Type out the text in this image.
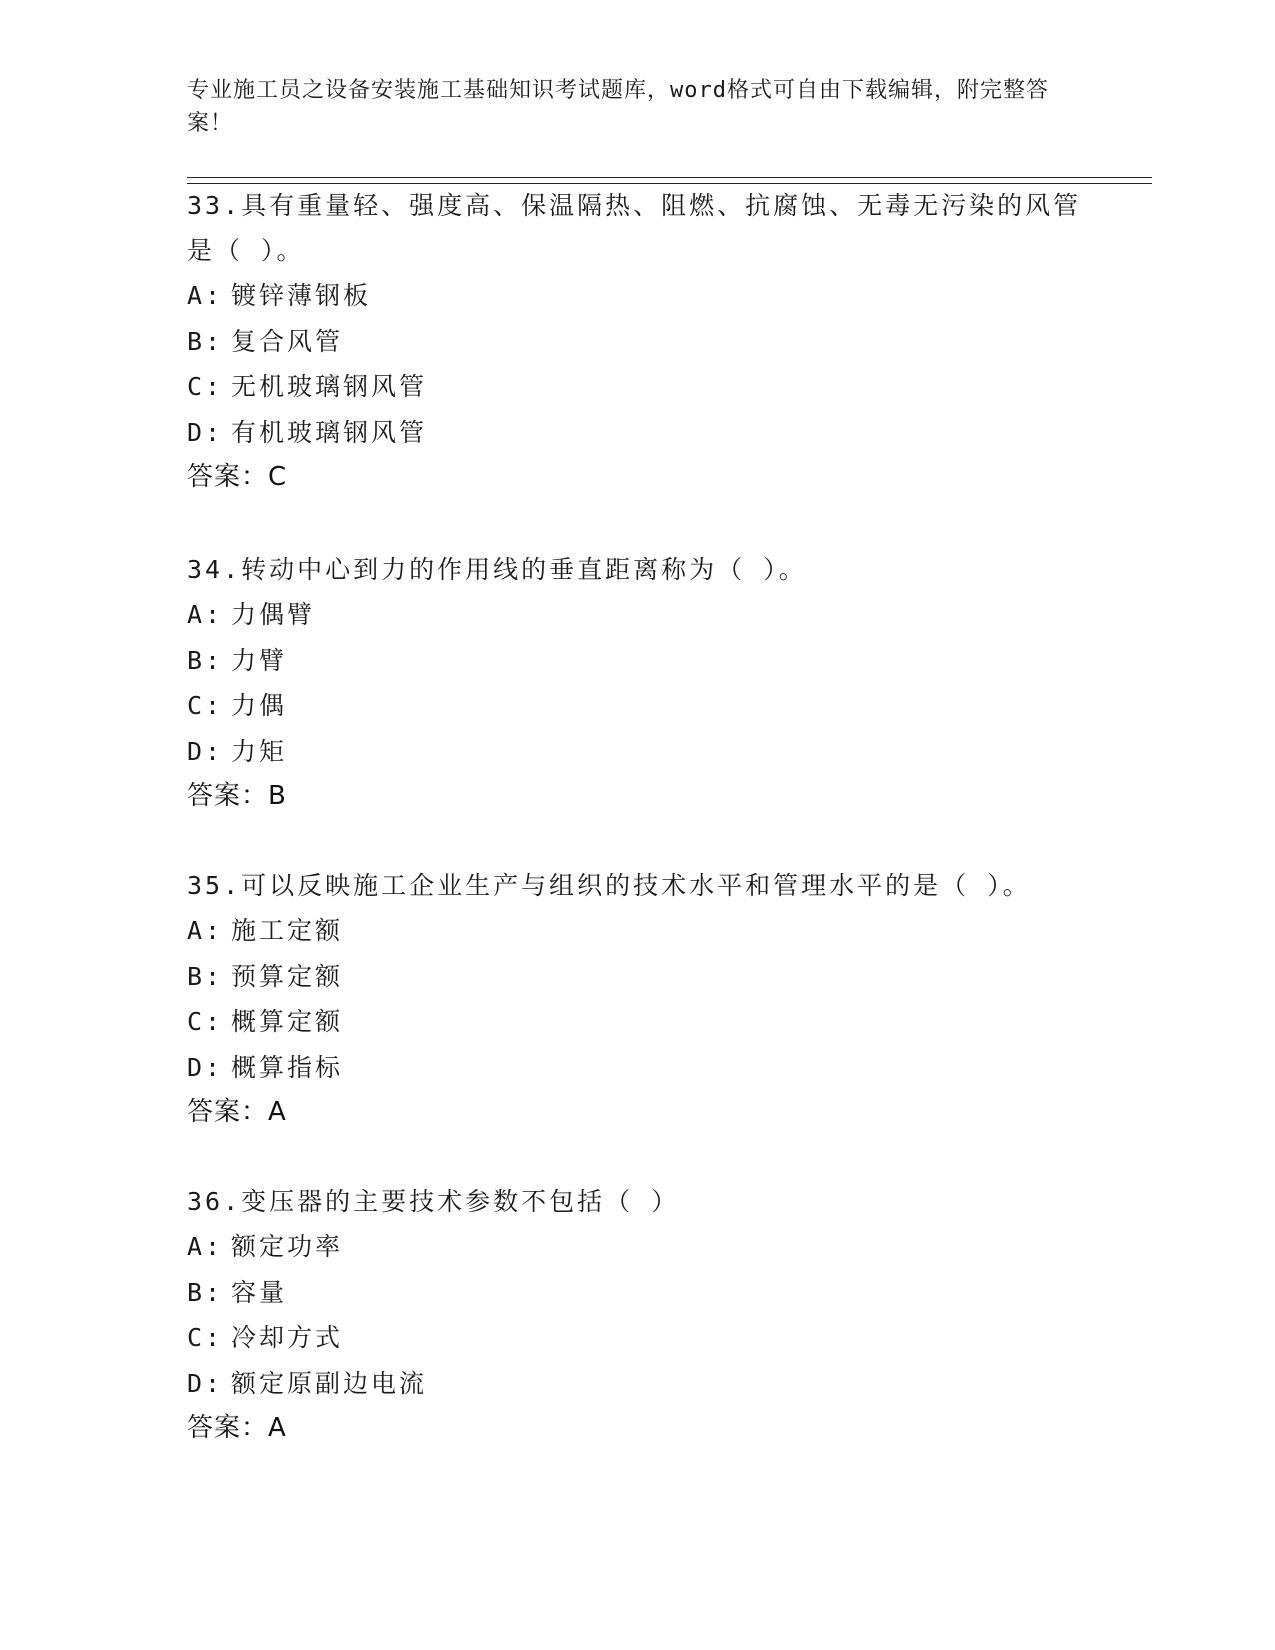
专业施工员之设备安装施工基础知识考试题库，word格式可自由下载编辑，附完整答案！

33.具有重量轻、强度高、保温隔热、阻燃、抗腐蚀、无毒无污染的风管是（ ）。

A: 镀锌薄钢板

B: 复合风管

C: 无机玻璃钢风管

D: 有机玻璃钢风管

答案：C

34.转动中心到力的作用线的垂直距离称为（ ）。

A: 力偶臂

B: 力臂

C: 力偶

D: 力矩

答案：B

35.可以反映施工企业生产与组织的技术水平和管理水平的是（ ）。

A: 施工定额

B: 预算定额

C: 概算定额

D: 概算指标

答案：A

36.变压器的主要技术参数不包括（ ）

A: 额定功率

B: 容量

C: 冷却方式

D: 额定原副边电流

答案：A
